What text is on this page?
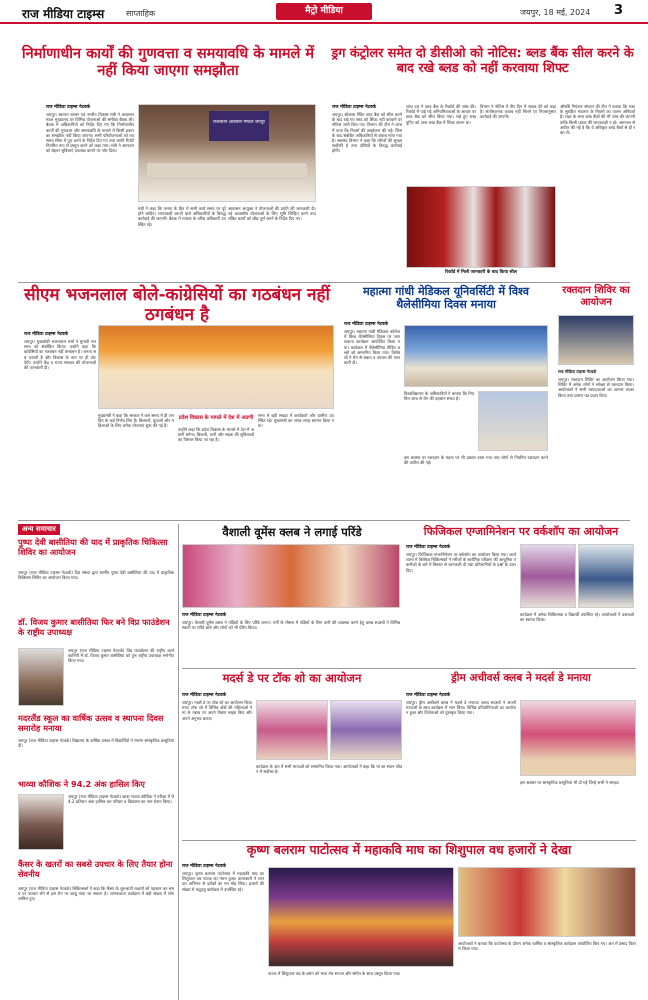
राज मीडिया टाइम्स	साप्ताहिक	मैट्रो मीडिया	जयपुर, 18 मई, 2024 3
निर्माणाधीन कार्यों की गुणवत्ता व समयावधि के मामले में नहीं किया जाएगा समझौता
राज मीडिया टाइम्स नेटवर्क
जयपुर। स्वायत्त शासन एवं नगरीय विकास मंत्री ने आवासन मंडल मुख्यालय पर विभिन्न योजनाओं की समीक्षा बैठक ली। बैठक में अधिकारियों को निर्देश दिए गए कि निर्माणाधीन कार्यों की गुणवत्ता और समयावधि के मामले में किसी प्रकार का समझौता नहीं किया जाएगा। सभी परियोजनाओं को तय समय सीमा में पूरा करने के निर्देश दिए गए तथा प्रगति रिपोर्ट नियमित रूप से प्रस्तुत करने को कहा गया। मंत्री ने आमजन को बेहतर सुविधाएं उपलब्ध कराने पर जोर दिया।
राजस्थान आवासन मण्डल जयपुर
मंत्री ने कहा कि जनता के हित में सभी कार्य समय पर पूरे होने चाहिए। लापरवाही बरतने वाले अधिकारियों के विरुद्ध कार्रवाई की जाएगी। बैठक में मण्डल के वरिष्ठ अधिकारी उपस्थित रहे।
आवासन आयुक्त ने योजनाओं की प्रगति की जानकारी दी। नई आवासीय योजनाओं के लिए भूमि चिन्हित करने तथा लंबित कार्यों को शीघ्र पूर्ण करने के निर्देश दिए गए।
ड्रग कंट्रोलर समेत दो डीसीओ को नोटिस: ब्लड बैंक सील करने के बाद रखे ब्लड को नहीं करवाया शिफ्ट
राज मीडिया टाइम्स नेटवर्क
जयपुर। सोडाला स्थित ब्लड बैंक को सील करने के बाद रखे गए ब्लड को शिफ्ट नहीं करवाने पर नोटिस जारी किए गए। विभाग की टीम ने जांच में पाया कि नियमों की अवहेलना की गई। जिसके बाद संबंधित अधिकारियों से जवाब मांगा गया है। स्वास्थ्य विभाग ने कहा कि मरीजों की सुरक्षा सर्वोपरि है तथा दोषियों के विरुद्ध कार्रवाई होगी।
जांच दल ने ब्लड बैंक के रिकॉर्ड की जांच की। रिकॉर्ड में पाई गई अनियमितताओं के आधार पर ब्लड बैंक को सील किया गया। रखे हुए ब्लड यूनिट को अन्य ब्लड बैंक में शिफ्ट करना था।
रिकॉर्ड में मिली जानकारी के बाद किया सील
विभाग ने नोटिस में तीन दिन में जवाब देने को कहा है। संतोषजनक जवाब नहीं मिलने पर नियमानुसार कार्रवाई की जाएगी।
औषधि नियंत्रण संगठन की टीम ने बताया कि रक्त के सुरक्षित भंडारण के नियमों का पालन अनिवार्य है। शहर के अन्य ब्लड बैंकों की भी जांच की जाएगी ताकि किसी प्रकार की लापरवाही न हो। आमजन से अपील की गई है कि वे अधिकृत ब्लड बैंकों से ही रक्त लें।
सीएम भजनलाल बोले-कांग्रेसियों का गठबंधन नहीं ठगबंधन है
राज मीडिया टाइम्स नेटवर्क
जयपुर। मुख्यमंत्री भजनलाल शर्मा ने चुनावी जनसभा को संबोधित किया। उन्होंने कहा कि कांग्रेसियों का गठबंधन नहीं ठगबंधन है। जनता सब जानती है और विकास के नाम पर ही वोट देगी। उन्होंने केंद्र व राज्य सरकार की योजनाओं की जानकारी दी।
मुख्यमंत्री ने कहा कि सरकार ने कम समय में ही जनहित के कई निर्णय लिए हैं। किसानों, युवाओं और महिलाओं के लिए अनेक योजनाएं शुरू की गई हैं।
प्रदेश विकास के मामले में देश में अग्रणी
उन्होंने कहा कि प्रदेश विकास के मामले में देश में अग्रणी बनेगा। बिजली, पानी और सड़क की सुविधाओं का विस्तार किया जा रहा है।
सभा में बड़ी संख्या में कार्यकर्ता और ग्रामीण उपस्थित रहे। मुख्यमंत्री का जगह-जगह स्वागत किया गया।
महात्मा गांधी मेडिकल यूनिवर्सिटी में विश्व थैलेसीमिया दिवस मनाया
राज मीडिया टाइम्स नेटवर्क
जयपुर। महात्मा गांधी मेडिकल कॉलेज में विश्व थैलेसीमिया दिवस पर जागरूकता कार्यक्रम आयोजित किया गया। कार्यक्रम में थैलेसीमिया पीड़ित बच्चों को सम्मानित किया गया। विशेषज्ञों ने रोग से बचाव व उपचार की जानकारी दी।
विश्वविद्यालय के अधिकारियों ने बताया कि नियमित जांच से रोग की पहचान संभव है।
इस अवसर पर रक्तदान के महत्व पर भी प्रकाश डाला गया तथा लोगों से नियमित रक्तदान करने की अपील की गई।
रक्तदान शिविर का आयोजन
राज मीडिया टाइम्स नेटवर्क
जयपुर। रक्तदान शिविर का आयोजन किया गया। शिविर में अनेक लोगों ने स्वेच्छा से रक्तदान किया। आयोजकों ने सभी रक्तदाताओं का आभार व्यक्त किया तथा प्रमाण पत्र प्रदान किए।
अन्य समाचार
पुष्पा देवी बासीतिया की याद में प्राकृतिक चिकित्सा शिविर का आयोजन
जयपुर (राज मीडिया टाइम्स नेटवर्क) दिव संस्था द्वारा स्वर्गीय पुष्पा देवी बासीतिया की याद में प्राकृतिक चिकित्सा शिविर का आयोजन किया गया।
डॉ. विजय कुमार बासीतिया फिर बने विप्र फाउंडेशन के राष्ट्रीय उपाध्यक्ष
जयपुर (राज मीडिया टाइम्स नेटवर्क) विप्र फाउंडेशन की राष्ट्रीय कार्यकारिणी में डॉ. विजय कुमार बासीतिया को पुनः राष्ट्रीय उपाध्यक्ष मनोनीत किया गया।
मदरलैंड स्कूल का वार्षिक उत्सव व स्थापना दिवस समारोह मनाया
जयपुर (राज मीडिया टाइम्स नेटवर्क) विद्यालय के वार्षिक उत्सव में विद्यार्थियों ने रंगारंग सांस्कृतिक प्रस्तुतियां दीं।
भाव्या कौशिक ने 94.2 अंक हासिल किए
जयपुर (राज मीडिया टाइम्स नेटवर्क) छात्रा भाव्या कौशिक ने परीक्षा में 94.2 प्रतिशत अंक हासिल कर परिवार व विद्यालय का नाम रोशन किया।
कैंसर के खतरों का सबसे उपचार के लिए तैयार होना सेवनीय
जयपुर (राज मीडिया टाइम्स नेटवर्क) चिकित्सकों ने कहा कि कैंसर के शुरुआती लक्षणों को पहचान कर समय पर उपचार लेने से इस रोग पर काबू पाया जा सकता है। जागरूकता कार्यक्रम में बड़ी संख्या में लोग शामिल हुए।
वैशाली वूमेंस क्लब ने लगाई परिंडे
राज मीडिया टाइम्स नेटवर्क
जयपुर। वैशाली वूमेंस क्लब ने पक्षियों के लिए परिंडे लगाए। गर्मी के मौसम में पक्षियों के लिए पानी की व्यवस्था करने हेतु क्लब सदस्यों ने विभिन्न स्थानों पर परिंडे बांधे और लोगों को भी प्रेरित किया।
फिजिकल एग्जामिनेशन पर वर्कशॉप का आयोजन
राज मीडिया टाइम्स नेटवर्क
जयपुर। फिजिकल एग्जामिनेशन पर वर्कशॉप का आयोजन किया गया। कार्यशाला में विशेषज्ञ चिकित्सकों ने मरीजों के शारीरिक परीक्षण की आधुनिक तकनीकों के बारे में विस्तार से जानकारी दी तथा प्रतिभागियों के प्रश्नों के उत्तर दिए।
कार्यक्रम में अनेक चिकित्सक व विद्यार्थी उपस्थित रहे। आयोजकों ने वक्ताओं का स्वागत किया।
मदर्स डे पर टॉक शो का आयोजन
राज मीडिया टाइम्स नेटवर्क
जयपुर। मदर्स डे पर टॉक शो का आयोजन किया गया। टॉक शो में विभिन्न क्षेत्रों की महिलाओं ने मां के महत्व पर अपने विचार साझा किए और अपने अनुभव बताए।
कार्यक्रम के अंत में सभी माताओं को सम्मानित किया गया। आयोजकों ने कहा कि मां का स्थान जीवन में सर्वोच्च है।
ड्रीम अचीवर्स क्लब ने मदर्स डे मनाया
राज मीडिया टाइम्स नेटवर्क
जयपुर। ड्रीम अचीवर्स क्लब ने मदर्स डे मनाया। क्लब सदस्यों ने अपनी माताओं के साथ कार्यक्रम में भाग लिया। विभिन्न प्रतियोगिताओं का आयोजन हुआ और विजेताओं को पुरस्कृत किया गया।
इस अवसर पर सांस्कृतिक प्रस्तुतियां भी दी गईं जिन्हें सभी ने सराहा।
कृष्ण बलराम पाटोत्सव में महाकवि माघ का शिशुपाल वध हजारों ने देखा
राज मीडिया टाइम्स नेटवर्क
जयपुर। कृष्ण बलराम पाटोत्सव में महाकवि माघ का शिशुपाल वध नाटक का मंचन हुआ। कलाकारों ने शानदार अभिनय से दर्शकों का मन मोह लिया। हजारों की संख्या में श्रद्धालु कार्यक्रम में उपस्थित रहे।
नाटक में शिशुपाल वध के प्रसंग को भव्य मंच सज्जा और संगीत के साथ प्रस्तुत किया गया।
आयोजकों ने बताया कि पाटोत्सव के दौरान अनेक धार्मिक व सांस्कृतिक कार्यक्रम आयोजित किए गए। अंत में प्रसाद वितरण किया गया।
